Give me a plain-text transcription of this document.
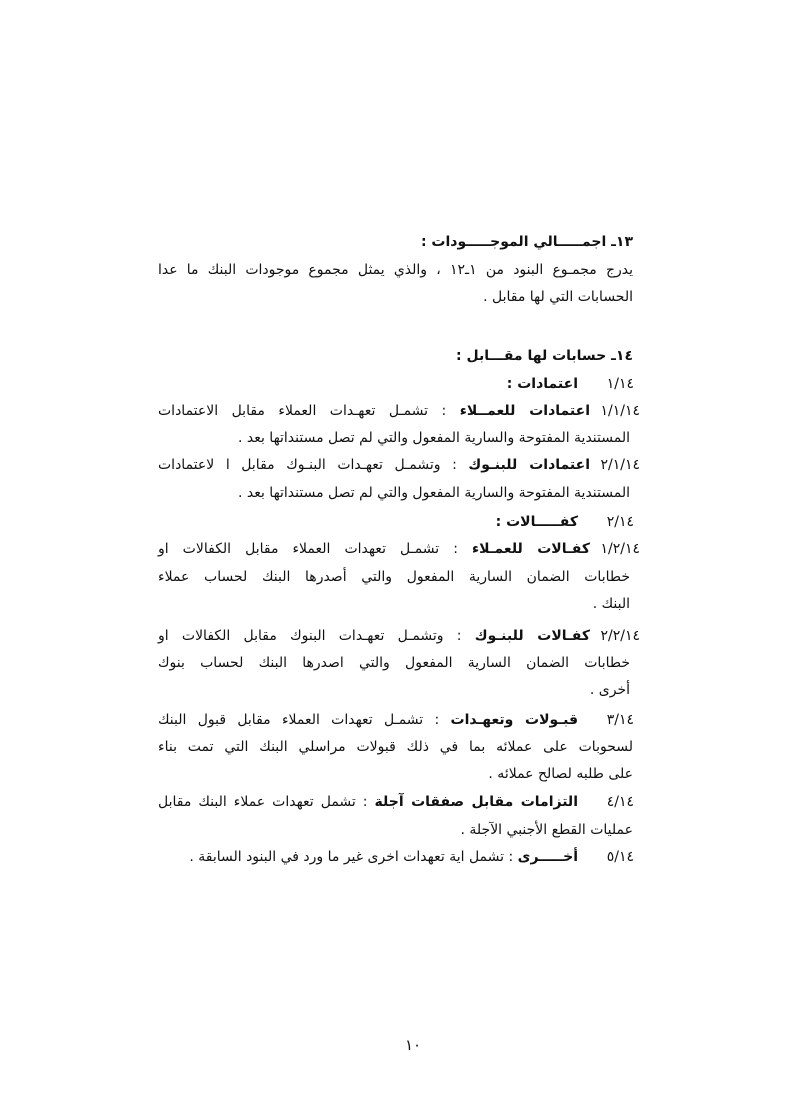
١٣ـ اجمـــــالي الموجـــــودات :
يدرج مجمـوع البنود من ١ـ١٢ ، والذي يمثل مجموع موجودات البنك ما عدا
الحسابات التي لها مقابل .
١٤ـ حسابات لها مقـــابل :
١/١٤
اعتمادات :
١/١/١٤
اعتمادات للعمــلاء : تشمـل تعهـدات العملاء مقابل الاعتمادات
المستندية المفتوحة والسارية المفعول والتي لم تصل مستنداتها بعد .
٢/١/١٤
اعتمادات للبنـوك : وتشمـل تعهـدات البنـوك مقابل ا لاعتمادات
المستندية المفتوحة والسارية المفعول والتي لم تصل مستنداتها بعد .
٢/١٤
كفـــــالات :
١/٢/١٤
كفـالات للعمـلاء : تشمـل تعهدات العملاء مقابل الكفالات او
خطابات الضمان السارية المفعول والتي أصدرها البنك لحساب عملاء
البنك .
٢/٢/١٤
كفـالات للبنـوك : وتشمـل تعهـدات البنوك مقابل الكفالات او
خطابات الضمان السارية المفعول والتي اصدرها البنك لحساب بنوك
أخرى .
٣/١٤
قبـولات وتعهـدات : تشمـل تعهدات العملاء مقابل قبول البنك
لسحوبات على عملائه بما في ذلك قبولات مراسلي البنك التي تمت بناء
على طلبه لصالح عملائه .
٤/١٤
التزامات مقابل صفقات آجلة : تشمل تعهدات عملاء البنك مقابل
عمليات القطع الأجنبي الآجلة .
٥/١٤
أخـــــرى : تشمل اية تعهدات اخرى غير ما ورد في البنود السابقة .
١٠
